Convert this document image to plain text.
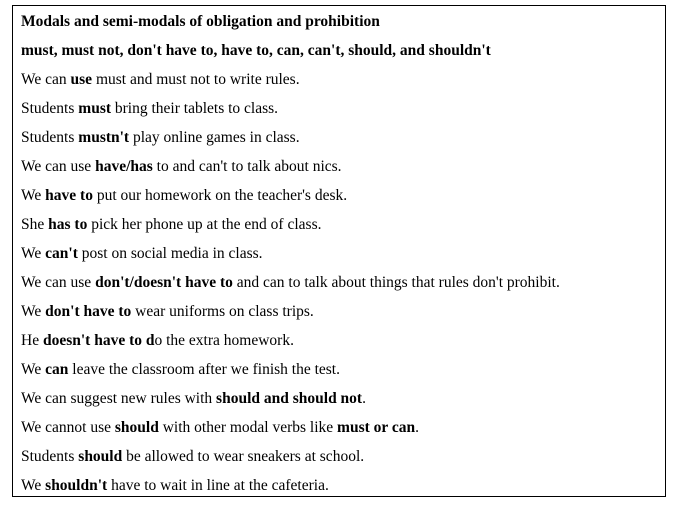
Modals and semi-modals of obligation and prohibition
must, must not, don't have to, have to, can, can't, should, and shouldn't
We can use must and must not to write rules.
Students must bring their tablets to class.
Students mustn't play online games in class.
We can use have/has to and can't to talk about nics.
We have to put our homework on the teacher's desk.
She has to pick her phone up at the end of class.
We can't post on social media in class.
We can use don't/doesn't have to and can to talk about things that rules don't prohibit.
We don't have to wear uniforms on class trips.
He doesn't have to do the extra homework.
We can leave the classroom after we finish the test.
We can suggest new rules with should and should not.
We cannot use should with other modal verbs like must or can.
Students should be allowed to wear sneakers at school.
We shouldn't have to wait in line at the cafeteria.
